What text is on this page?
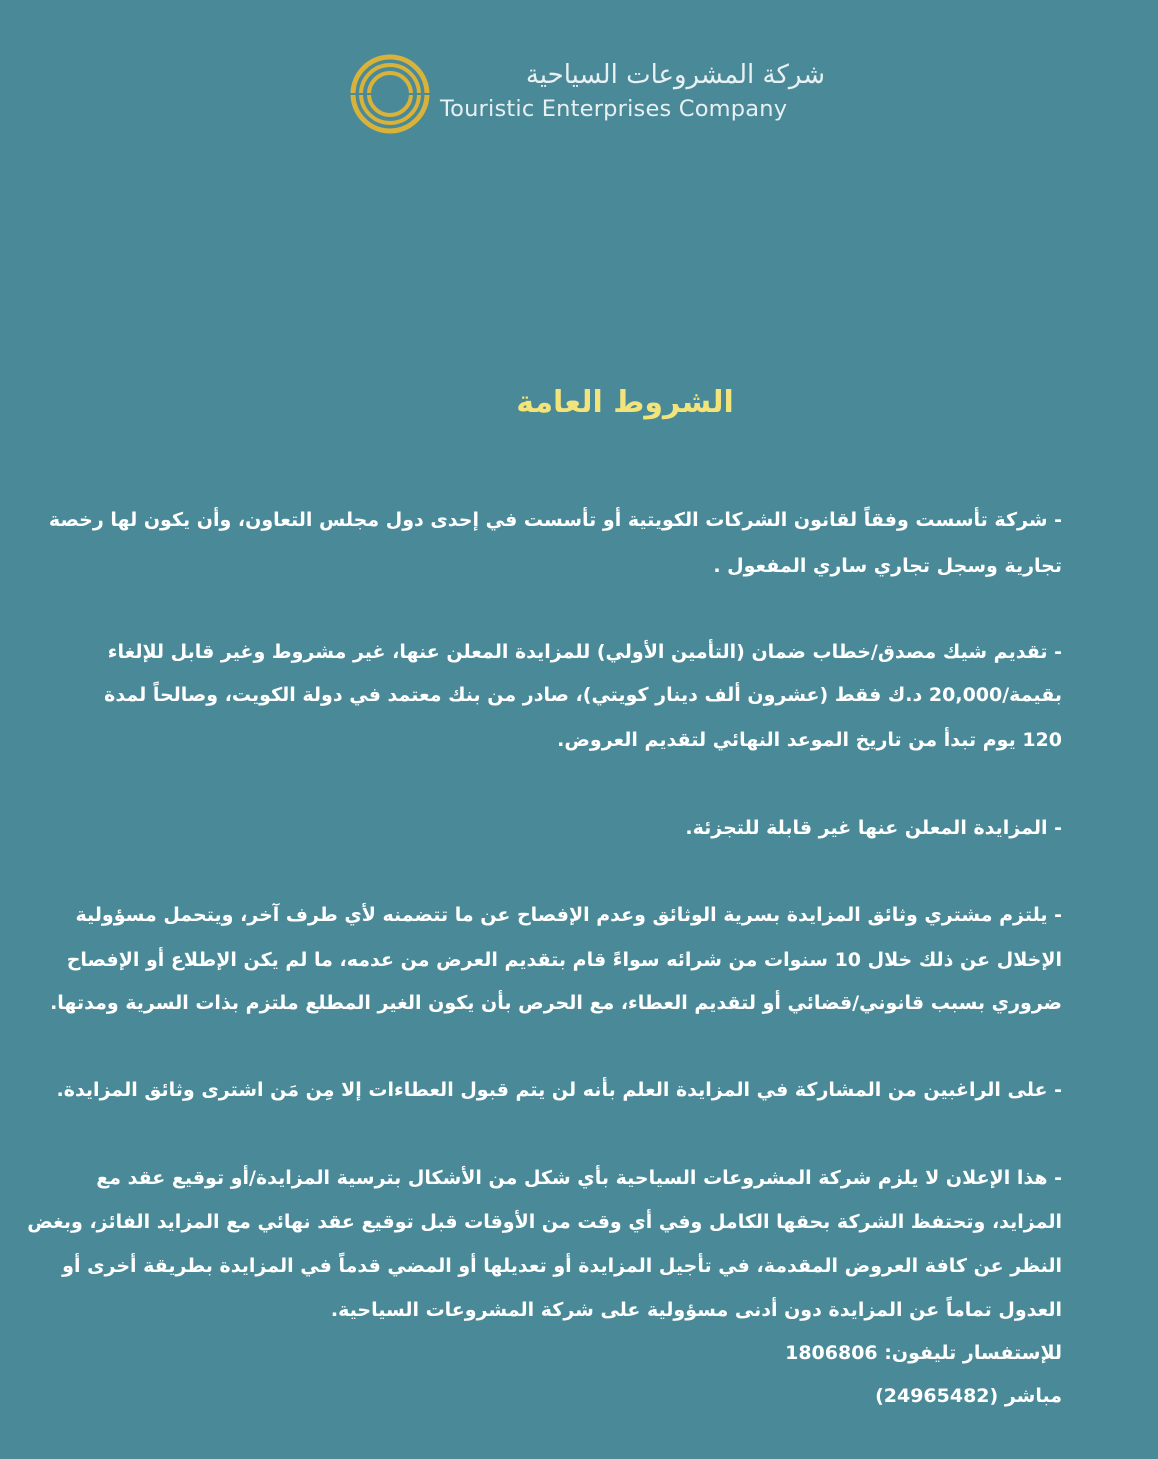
شركة المشروعات السياحية
Touristic Enterprises Company
الشروط العامة
- شركة تأسست وفقاً لقانون الشركات الكويتية أو تأسست في إحدى دول مجلس التعاون، وأن يكون لها رخصة
تجارية وسجل تجاري ساري المفعول .
- تقديم شيك مصدق/خطاب ضمان (التأمين الأولي) للمزايدة المعلن عنها، غير مشروط وغير قابل للإلغاء
بقيمة/20,000 د.ك فقط (عشرون ألف دينار كويتي)، صادر من بنك معتمد في دولة الكويت، وصالحاً لمدة
120 يوم تبدأ من تاريخ الموعد النهائي لتقديم العروض.
- المزايدة المعلن عنها غير قابلة للتجزئة.
- يلتزم مشتري وثائق المزايدة بسرية الوثائق وعدم الإفصاح عن ما تتضمنه لأي طرف آخر، ويتحمل مسؤولية
الإخلال عن ذلك خلال 10 سنوات من شرائه سواءً قام بتقديم العرض من عدمه، ما لم يكن الإطلاع أو الإفصاح
ضروري بسبب قانوني/قضائي أو لتقديم العطاء، مع الحرص بأن يكون الغير المطلع ملتزم بذات السرية ومدتها.
- على الراغبين من المشاركة في المزايدة العلم بأنه لن يتم قبول العطاءات إلا مِن مَن اشترى وثائق المزايدة.
- هذا الإعلان لا يلزم شركة المشروعات السياحية بأي شكل من الأشكال بترسية المزايدة/أو توقيع عقد مع
المزايد، وتحتفظ الشركة بحقها الكامل وفي أي وقت من الأوقات قبل توقيع عقد نهائي مع المزايد الفائز، وبغض
النظر عن كافة العروض المقدمة، في تأجيل المزايدة أو تعديلها أو المضي قدماً في المزايدة بطريقة أخرى أو
العدول تماماً عن المزايدة دون أدنى مسؤولية على شركة المشروعات السياحية.
للإستفسار تليفون: 1806806
مباشر (24965482)
